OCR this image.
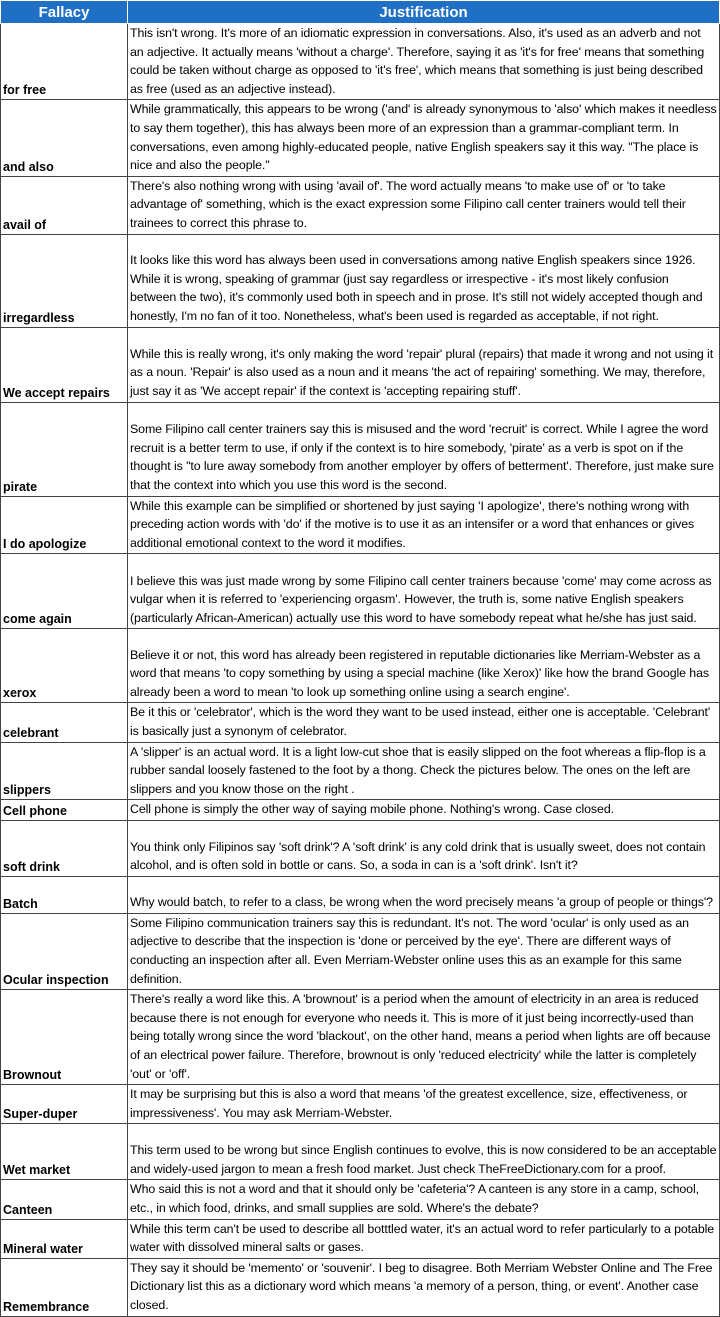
Fallacy	Justification
for free	This isn't wrong. It's more of an idiomatic expression in conversations. Also, it's used as an adverb and not an adjective. It actually means 'without a charge'. Therefore, saying it as 'it's for free' means that something could be taken without charge as opposed to 'it's free', which means that something is just being described as free (used as an adjective instead).
and also	While grammatically, this appears to be wrong ('and' is already synonymous to 'also' which makes it needless to say them together), this has always been more of an expression than a grammar-compliant term. In conversations, even among highly-educated people, native English speakers say it this way. "The place is nice and also the people."
avail of	There's also nothing wrong with using 'avail of'. The word actually means 'to make use of' or 'to take advantage of' something, which is the exact expression some Filipino call center trainers would tell their trainees to correct this phrase to.
irregardless	It looks like this word has always been used in conversations among native English speakers since 1926. While it is wrong, speaking of grammar (just say regardless or irrespective - it's most likely confusion between the two), it's commonly used both in speech and in prose. It's still not widely accepted though and honestly, I'm no fan of it too. Nonetheless, what's been used is regarded as acceptable, if not right.
We accept repairs	While this is really wrong, it's only making the word 'repair' plural (repairs) that made it wrong and not using it as a noun. 'Repair' is also used as a noun and it means 'the act of repairing' something. We may, therefore, just say it as 'We accept repair' if the context is 'accepting repairing stuff'.
pirate	Some Filipino call center trainers say this is misused and the word 'recruit' is correct. While I agree the word recruit is a better term to use, if only if the context is to hire somebody, 'pirate' as a verb is spot on if the thought is "to lure away somebody from another employer by offers of betterment'. Therefore, just make sure that the context into which you use this word is the second.
I do apologize	While this example can be simplified or shortened by just saying 'I apologize', there's nothing wrong with preceding action words with 'do' if the motive is to use it as an intensifer or a word that enhances or gives additional emotional context to the word it modifies.
come again	I believe this was just made wrong by some Filipino call center trainers because 'come' may come across as vulgar when it is referred to 'experiencing orgasm'. However, the truth is, some native English speakers (particularly African-American) actually use this word to have somebody repeat what he/she has just said.
xerox	Believe it or not, this word has already been registered in reputable dictionaries like Merriam-Webster as a word that means 'to copy something by using a special machine (like Xerox)' like how the brand Google has already been a word to mean 'to look up something online using a search engine'.
celebrant	Be it this or 'celebrator', which is the word they want to be used instead, either one is acceptable. 'Celebrant' is basically just a synonym of celebrator.
slippers	A 'slipper' is an actual word. It is a light low-cut shoe that is easily slipped on the foot whereas a flip-flop is a rubber sandal loosely fastened to the foot by a thong. Check the pictures below. The ones on the left are slippers and you know those on the right .
Cell phone	Cell phone is simply the other way of saying mobile phone. Nothing's wrong. Case closed.
soft drink	You think only Filipinos say 'soft drink'? A 'soft drink' is any cold drink that is usually sweet, does not contain alcohol, and is often sold in bottle or cans. So, a soda in can is a 'soft drink'. Isn't it?
Batch	Why would batch, to refer to a class, be wrong when the word precisely means 'a group of people or things'?
Ocular inspection	Some Filipino communication trainers say this is redundant. It's not. The word 'ocular' is only used as an adjective to describe that the inspection is 'done or perceived by the eye'. There are different ways of conducting an inspection after all. Even Merriam-Webster online uses this as an example for this same definition.
Brownout	There's really a word like this. A 'brownout' is a period when the amount of electricity in an area is reduced because there is not enough for everyone who needs it. This is more of it just being incorrectly-used than being totally wrong since the word 'blackout', on the other hand, means a period when lights are off because of an electrical power failure. Therefore, brownout is only 'reduced electricity' while the latter is completely 'out' or 'off'.
Super-duper	It may be surprising but this is also a word that means 'of the greatest excellence, size, effectiveness, or impressiveness'. You may ask Merriam-Webster.
Wet market	This term used to be wrong but since English continues to evolve, this is now considered to be an acceptable and widely-used jargon to mean a fresh food market. Just check TheFreeDictionary.com for a proof.
Canteen	Who said this is not a word and that it should only be 'cafeteria'? A canteen is any store in a camp, school, etc., in which food, drinks, and small supplies are sold. Where's the debate?
Mineral water	While this term can't be used to describe all botttled water, it's an actual word to refer particularly to a potable water with dissolved mineral salts or gases.
Remembrance	They say it should be 'memento' or 'souvenir'. I beg to disagree. Both Merriam Webster Online and The Free Dictionary list this as a dictionary word which means 'a memory of a person, thing, or event'. Another case closed.
